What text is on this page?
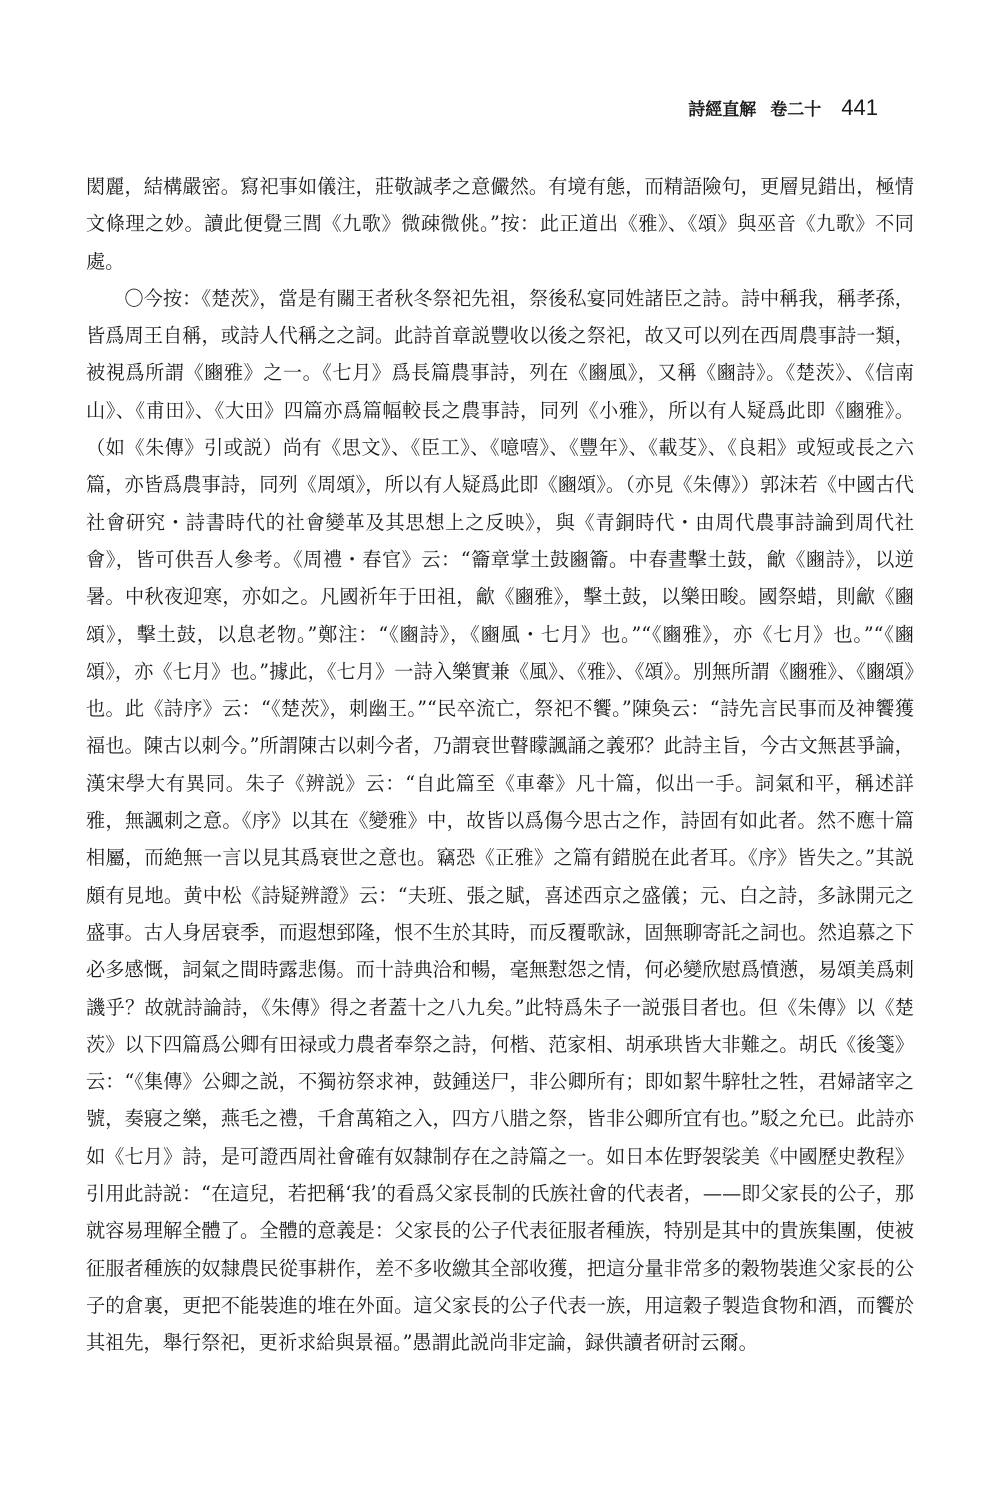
詩經直解 卷二十 441

閎麗，結構嚴密。寫祀事如儀注，莊敬誠孝之意儼然。有境有態，而精語險句，更層見錯出，極情文條理之妙。讀此便覺三閭《九歌》微疎微佻。”按：此正道出《雅》、《頌》與巫音《九歌》不同處。

〇今按：《楚茨》，當是有關王者秋冬祭祀先祖，祭後私宴同姓諸臣之詩。詩中稱我，稱孝孫，皆爲周王自稱，或詩人代稱之之詞。此詩首章説豐收以後之祭祀，故又可以列在西周農事詩一類，被視爲所謂《豳雅》之一。《七月》爲長篇農事詩，列在《豳風》，又稱《豳詩》。《楚茨》、《信南山》、《甫田》、《大田》四篇亦爲篇幅較長之農事詩，同列《小雅》，所以有人疑爲此即《豳雅》。（如《朱傳》引或説）尚有《思文》、《臣工》、《噫嘻》、《豐年》、《載芟》、《良耜》或短或長之六篇，亦皆爲農事詩，同列《周頌》，所以有人疑爲此即《豳頌》。（亦見《朱傳》）郭沫若《中國古代社會研究・詩書時代的社會變革及其思想上之反映》，與《青銅時代・由周代農事詩論到周代社會》，皆可供吾人參考。《周禮・春官》云：“籥章掌土鼓豳籥。中春晝擊土鼓，龡《豳詩》，以逆暑。中秋夜迎寒，亦如之。凡國祈年于田祖，龡《豳雅》，擊土鼓，以樂田畯。國祭蜡，則龡《豳頌》，擊土鼓，以息老物。”鄭注：“《豳詩》，《豳風・七月》也。”“《豳雅》，亦《七月》也。”“《豳頌》，亦《七月》也。”據此，《七月》一詩入樂實兼《風》、《雅》、《頌》。別無所謂《豳雅》、《豳頌》也。此《詩序》云：“《楚茨》，刺幽王。”“民卒流亡，祭祀不饗。”陳奐云：“詩先言民事而及神饗獲福也。陳古以刺今。”所謂陳古以刺今者，乃謂衰世瞽矇諷誦之義邪？此詩主旨，今古文無甚爭論，漢宋學大有異同。朱子《辨説》云：“自此篇至《車舝》凡十篇，似出一手。詞氣和平，稱述詳雅，無諷刺之意。《序》以其在《變雅》中，故皆以爲傷今思古之作，詩固有如此者。然不應十篇相屬，而絶無一言以見其爲衰世之意也。竊恐《正雅》之篇有錯脱在此者耳。《序》皆失之。”其説頗有見地。黄中松《詩疑辨證》云：“夫班、張之賦，喜述西京之盛儀；元、白之詩，多詠開元之盛事。古人身居衰季，而遐想郅隆，恨不生於其時，而反覆歌詠，固無聊寄託之詞也。然追慕之下必多感慨，詞氣之間時露悲傷。而十詩典洽和暢，毫無懟怨之情，何必變欣慰爲憤懣，易頌美爲刺譏乎？故就詩論詩，《朱傳》得之者蓋十之八九矣。”此特爲朱子一説張目者也。但《朱傳》以《楚茨》以下四篇爲公卿有田禄或力農者奉祭之詩，何楷、范家相、胡承珙皆大非難之。胡氏《後箋》云：“《集傳》公卿之説，不獨祊祭求神，鼓鍾送尸，非公卿所有；即如絜牛騂牡之牲，君婦諸宰之號，奏寢之樂，燕毛之禮，千倉萬箱之入，四方八腊之祭，皆非公卿所宜有也。”駁之允已。此詩亦如《七月》詩，是可證西周社會確有奴隸制存在之詩篇之一。如日本佐野袈裟美《中國歷史教程》引用此詩説：“在這兒，若把稱‘我’的看爲父家長制的氏族社會的代表者，——即父家長的公子，那就容易理解全體了。全體的意義是：父家長的公子代表征服者種族，特别是其中的貴族集團，使被征服者種族的奴隸農民從事耕作，差不多收繳其全部收獲，把這分量非常多的穀物裝進父家長的公子的倉裏，更把不能裝進的堆在外面。這父家長的公子代表一族，用這穀子製造食物和酒，而饗於其祖先，舉行祭祀，更祈求給與景福。”愚謂此説尚非定論，録供讀者研討云爾。
